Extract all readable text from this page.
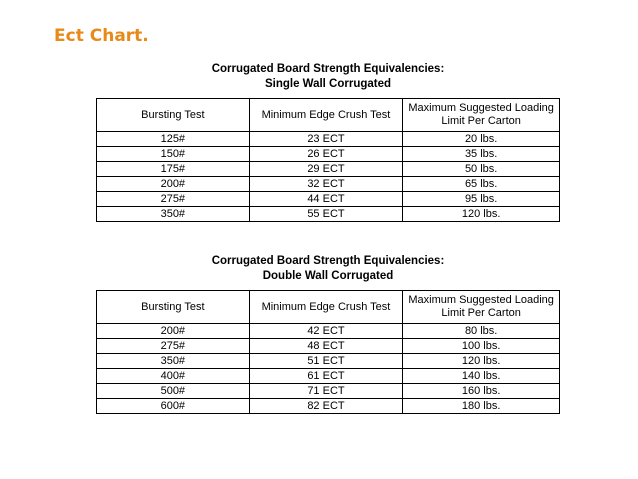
Ect Chart.
Corrugated Board Strength Equivalencies:
Single Wall Corrugated
Bursting Test	Minimum Edge Crush Test	Maximum Suggested Loading Limit Per Carton
125#	23 ECT	20 lbs.
150#	26 ECT	35 lbs.
175#	29 ECT	50 lbs.
200#	32 ECT	65 lbs.
275#	44 ECT	95 lbs.
350#	55 ECT	120 lbs.
Corrugated Board Strength Equivalencies:
Double Wall Corrugated
Bursting Test	Minimum Edge Crush Test	Maximum Suggested Loading Limit Per Carton
200#	42 ECT	80 lbs.
275#	48 ECT	100 lbs.
350#	51 ECT	120 lbs.
400#	61 ECT	140 lbs.
500#	71 ECT	160 lbs.
600#	82 ECT	180 lbs.
